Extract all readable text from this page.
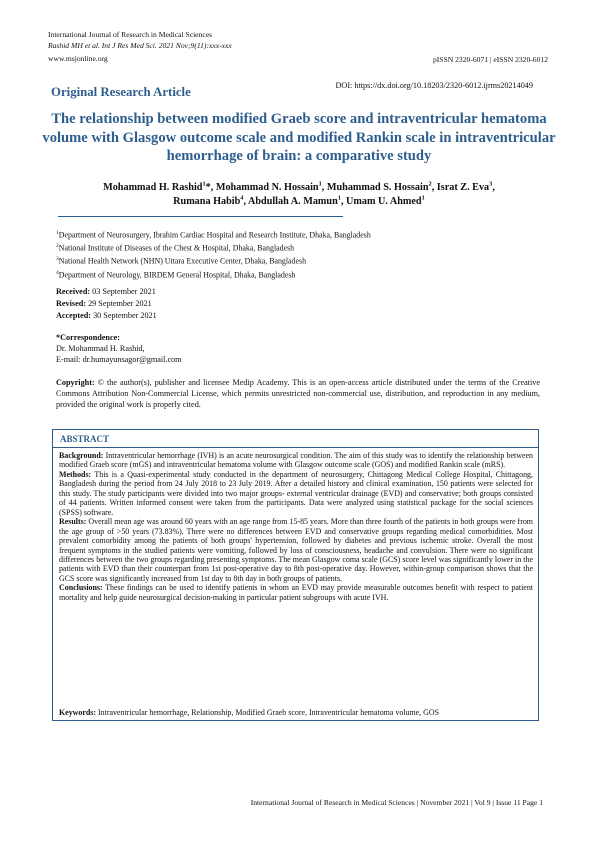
International Journal of Research in Medical Sciences
Rashid MH et al. Int J Res Med Sci. 2021 Nov;9(11):xxx-xxx
www.msjonline.org	pISSN 2320-6071 | eISSN 2320-6012
DOI: https://dx.doi.org/10.18203/2320-6012.ijrms20214049
Original Research Article
The relationship between modified Graeb score and intraventricular hematoma volume with Glasgow outcome scale and modified Rankin scale in intraventricular hemorrhage of brain: a comparative study
Mohammad H. Rashid$^1$*, Mohammad N. Hossain$^1$, Muhammad S. Hossain$^2$, Israt Z. Eva$^3$,
Rumana Habib$^4$, Abdullah A. Mamun$^1$, Umam U. Ahmed$^1$
$^1$Department of Neurosurgery, Ibrahim Cardiac Hospital and Research Institute, Dhaka, Bangladesh
$^2$National Institute of Diseases of the Chest & Hospital, Dhaka, Bangladesh
$^3$National Health Network (NHN) Uttara Executive Center, Dhaka, Bangladesh
$^4$Department of Neurology, BIRDEM General Hospital, Dhaka, Bangladesh
Received: 03 September 2021
Revised: 29 September 2021
Accepted: 30 September 2021
*Correspondence:
Dr. Mohammad H. Rashid,
E-mail: dr.humayunsagor@gmail.com
Copyright: © the author(s), publisher and licensee Medip Academy. This is an open-access article distributed under the terms of the Creative Commons Attribution Non-Commercial License, which permits unrestricted non-commercial use, distribution, and reproduction in any medium, provided the original work is properly cited.
ABSTRACT

Background: Intraventricular hemorrhage (IVH) is an acute neurosurgical condition. The aim of this study was to identify the relationship between modified Graeb score (mGS) and intraventricular hematoma volume with Glasgow outcome scale (GOS) and modified Rankin scale (mRS).

Methods: This is a Quasi-experimental study conducted in the department of neurosurgery, Chittagong Medical College Hospital, Chittagong, Bangladesh during the period from 24 July 2018 to 23 July 2019. After a detailed history and clinical examination, 150 patients were selected for this study. The study participants were divided into two major groups- external ventricular drainage (EVD) and conservative; both groups consisted of 44 patients. Written informed consent were taken from the participants. Data were analyzed using statistical package for the social sciences (SPSS) software.

Results: Overall mean age was around 60 years with an age range from 15-85 years. More than three fourth of the patients in both groups were from the age group of >50 years (73.83%). There were no differences between EVD and conservative groups regarding medical comorbidities. Most prevalent comorbidity among the patients of both groups' hypertension, followed by diabetes and previous ischemic stroke. Overall the most frequent symptoms in the studied patients were vomiting, followed by loss of consciousness, headache and convulsion. There were no significant differences between the two groups regarding presenting symptoms. The mean Glasgow coma scale (GCS) score level was significantly lower in the patients with EVD than their counterpart from 1st post-operative day to 8th post-operative day. However, within-group comparison shows that the GCS score was significantly increased from 1st day to 8th day in both groups of patients.

Conclusions: These findings can be used to identify patients in whom an EVD may provide measurable outcomes benefit with respect to patient mortality and help guide neurosurgical decision-making in particular patient subgroups with acute IVH.

Keywords: Intraventricular hemorrhage, Relationship, Modified Graeb score, Intraventricular hematoma volume, GOS
International Journal of Research in Medical Sciences | November 2021 | Vol 9 | Issue 11 Page 1
